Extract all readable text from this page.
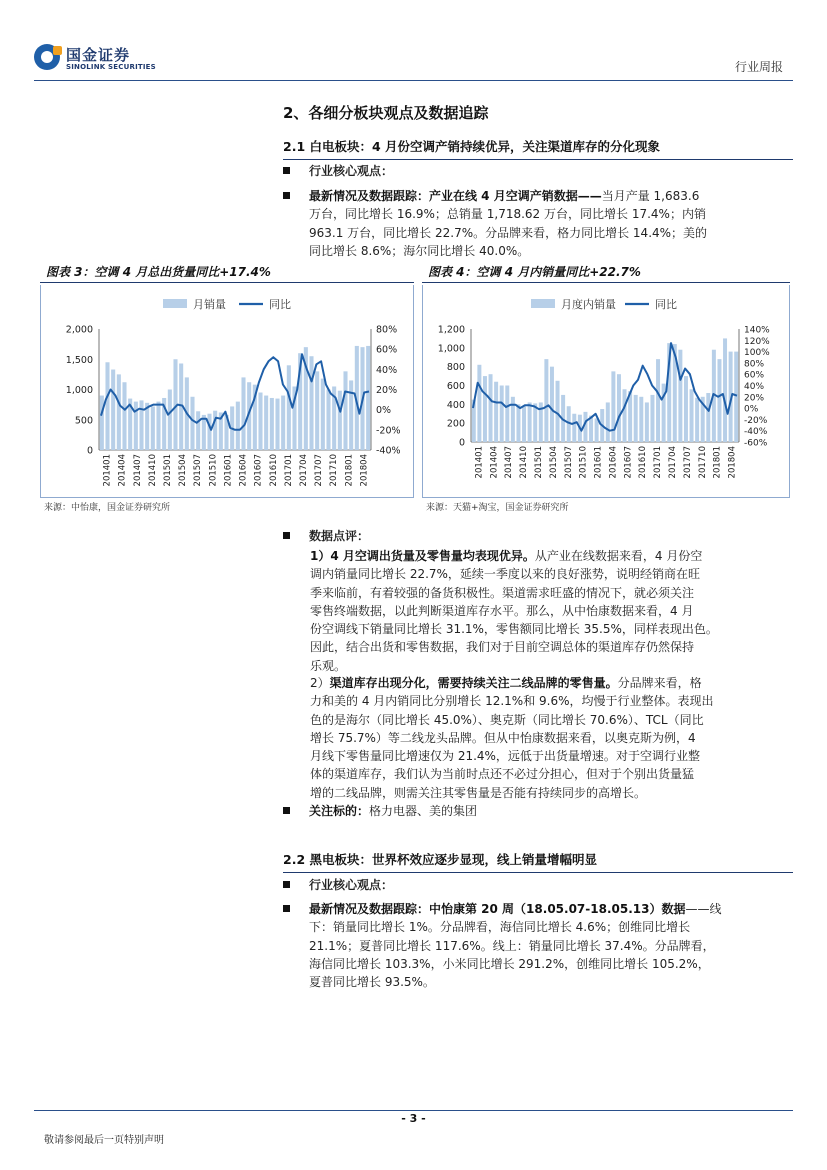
国金证券
SINOLINK SECURITIES	行业周报
2、各细分板块观点及数据追踪
2.1 白电板块：4 月份空调产销持续优异，关注渠道库存的分化现象
行业核心观点：
最新情况及数据跟踪：产业在线 4 月空调产销数据——当月产量 1,683.6
万台，同比增长 16.9%；总销量 1,718.62 万台，同比增长 17.4%；内销
963.1 万台，同比增长 22.7%。分品牌来看，格力同比增长 14.4%；美的
同比增长 8.6%；海尔同比增长 40.0%。
图表 3：空调 4 月总出货量同比+17.4%
月销量	同比
2,000
1,500
1,000
500
0
80%
60%
40%
20%
0%
-20%
-40%
201401 201404 201407 201410 201501 201504 201507 201510 201601 201604 201607 201610 201701 201704 201707 201710 201801 201804
来源：中怡康，国金证券研究所
图表 4：空调 4 月内销量同比+22.7%
月度内销量	同比
1,200
1,000
800
600
400
200
0
140%
120%
100%
80%
60%
40%
20%
0%
-20%
-40%
-60%
201401 201404 201407 201410 201501 201504 201507 201510 201601 201604 201607 201610 201701 201704 201707 201710 201801 201804
来源：天猫+淘宝，国金证券研究所
数据点评：
1）4 月空调出货量及零售量均表现优异。从产业在线数据来看，4 月份空
调内销量同比增长 22.7%，延续一季度以来的良好涨势，说明经销商在旺
季来临前，有着较强的备货积极性。渠道需求旺盛的情况下，就必须关注
零售终端数据，以此判断渠道库存水平。那么，从中怡康数据来看，4 月
份空调线下销量同比增长 31.1%，零售额同比增长 35.5%，同样表现出色。
因此，结合出货和零售数据，我们对于目前空调总体的渠道库存仍然保持
乐观。
2）渠道库存出现分化，需要持续关注二线品牌的零售量。分品牌来看，格
力和美的 4 月内销同比分别增长 12.1%和 9.6%，均慢于行业整体。表现出
色的是海尔（同比增长 45.0%）、奥克斯（同比增长 70.6%）、TCL（同比
增长 75.7%）等二线龙头品牌。但从中怡康数据来看，以奥克斯为例，4
月线下零售量同比增速仅为 21.4%，远低于出货量增速。对于空调行业整
体的渠道库存，我们认为当前时点还不必过分担心，但对于个别出货量猛
增的二线品牌，则需关注其零售量是否能有持续同步的高增长。
关注标的：格力电器、美的集团
2.2 黑电板块：世界杯效应逐步显现，线上销量增幅明显
行业核心观点：
最新情况及数据跟踪：中怡康第 20 周（18.05.07-18.05.13）数据——线
下：销量同比增长 1%。分品牌看，海信同比增长 4.6%；创维同比增长
21.1%；夏普同比增长 117.6%。线上：销量同比增长 37.4%。分品牌看，
海信同比增长 103.3%，小米同比增长 291.2%，创维同比增长 105.2%，
夏普同比增长 93.5%。
- 3 -
敬请参阅最后一页特别声明
